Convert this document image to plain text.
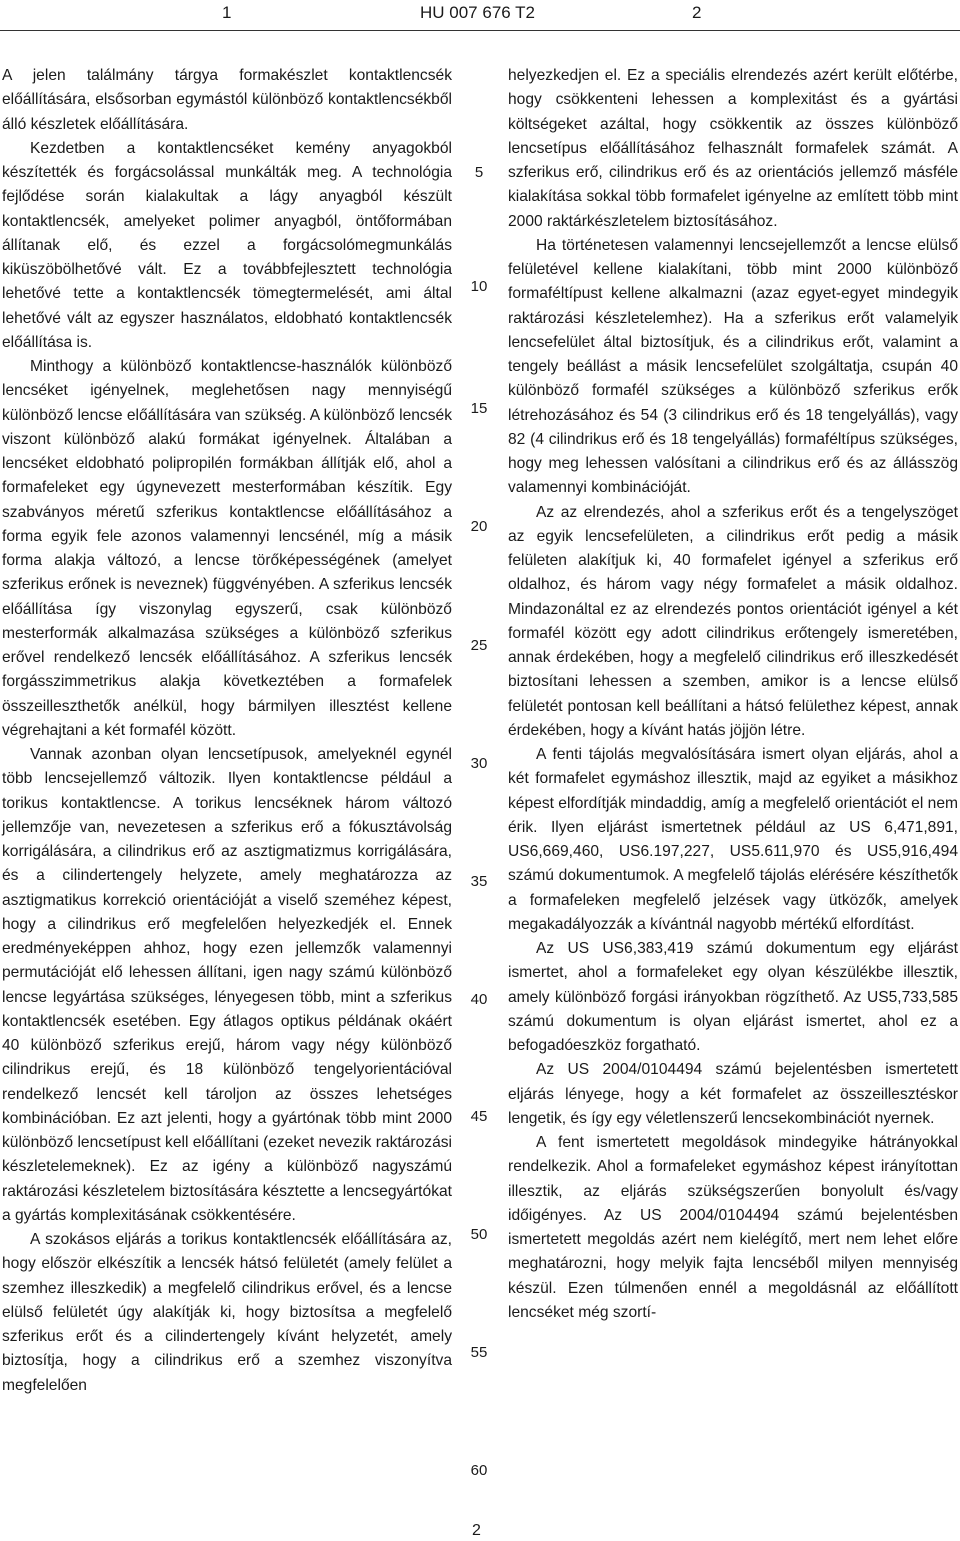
1	HU 007 676 T2	2

A jelen találmány tárgya formakészlet kontaktlencsék előállítására, elsősorban egymástól különböző kontaktlencsékből álló készletek előállítására.

Kezdetben a kontaktlencséket kemény anyagokból készítették és forgácsolással munkálták meg. A technológia fejlődése során kialakultak a lágy anyagból készült kontaktlencsék, amelyeket polimer anyagból, öntőformában állítanak elő, és ezzel a forgácsolómegmunkálás kiküszöbölhetővé vált. Ez a továbbfejlesztett technológia lehetővé tette a kontaktlencsék tömegtermelését, ami által lehetővé vált az egyszer használatos, eldobható kontaktlencsék előállítása is.

Minthogy a különböző kontaktlencse-használók különböző lencséket igényelnek, meglehetősen nagy mennyiségű különböző lencse előállítására van szükség. A különböző lencsék viszont különböző alakú formákat igényelnek. Általában a lencséket eldobható polipropilén formákban állítják elő, ahol a formafeleket egy úgynevezett mesterformában készítik. Egy szabványos méretű szferikus kontaktlencse előállításához a forma egyik fele azonos valamennyi lencsénél, míg a másik forma alakja változó, a lencse törőképességének (amelyet szferikus erőnek is neveznek) függvényében. A szferikus lencsék előállítása így viszonylag egyszerű, csak különböző mesterformák alkalmazása szükséges a különböző szferikus erővel rendelkező lencsék előállításához. A szferikus lencsék forgásszimmetrikus alakja következtében a formafelek összeilleszthetők anélkül, hogy bármilyen illesztést kellene végrehajtani a két formafél között.

Vannak azonban olyan lencsetípusok, amelyeknél egynél több lencsejellemző változik. Ilyen kontaktlencse például a torikus kontaktlencse. A torikus lencséknek három változó jellemzője van, nevezetesen a szferikus erő a fókusztávolság korrigálására, a cilindrikus erő az asztigmatizmus korrigálására, és a cilindertengely helyzete, amely meghatározza az asztigmatikus korrekció orientációját a viselő szeméhez képest, hogy a cilindrikus erő megfelelően helyezkedjék el. Ennek eredményeképpen ahhoz, hogy ezen jellemzők valamennyi permutációját elő lehessen állítani, igen nagy számú különböző lencse legyártása szükséges, lényegesen több, mint a szferikus kontaktlencsék esetében. Egy átlagos optikus példának okáért 40 különböző szferikus erejű, három vagy négy különböző cilindrikus erejű, és 18 különböző tengelyorientációval rendelkező lencsét kell tároljon az összes lehetséges kombinációban. Ez azt jelenti, hogy a gyártónak több mint 2000 különböző lencsetípust kell előállítani (ezeket nevezik raktározási készletelemeknek). Ez az igény a különböző nagyszámú raktározási készletelem biztosítására késztette a lencsegyártókat a gyártás komplexitásának csökkentésére.

A szokásos eljárás a torikus kontaktlencsék előállítására az, hogy először elkészítik a lencsék hátsó felületét (amely felület a szemhez illeszkedik) a megfelelő cilindrikus erővel, és a lencse elülső felületét úgy alakítják ki, hogy biztosítsa a megfelelő szferikus erőt és a cilindertengely kívánt helyzetét, amely biztosítja, hogy a cilindrikus erő a szemhez viszonyítva megfelelően

helyezkedjen el. Ez a speciális elrendezés azért került előtérbe, hogy csökkenteni lehessen a komplexitást és a gyártási költségeket azáltal, hogy csökkentik az összes különböző lencsetípus előállításához felhasznált formafelek számát. A szferikus erő, cilindrikus erő és az orientációs jellemző másféle kialakítása sokkal több formafelet igényelne az említett több mint 2000 raktárkészletelem biztosításához.

Ha történetesen valamennyi lencsejellemzőt a lencse elülső felületével kellene kialakítani, több mint 2000 különböző formaféltípust kellene alkalmazni (azaz egyet-egyet mindegyik raktározási készletelemhez). Ha a szferikus erőt valamelyik lencsefelület által biztosítjuk, és a cilindrikus erőt, valamint a tengely beállást a másik lencsefelület szolgáltatja, csupán 40 különböző formafél szükséges a különböző szferikus erők létrehozásához és 54 (3 cilindrikus erő és 18 tengelyállás), vagy 82 (4 cilindrikus erő és 18 tengelyállás) formaféltípus szükséges, hogy meg lehessen valósítani a cilindrikus erő és az állásszög valamennyi kombinációját.

Az az elrendezés, ahol a szferikus erőt és a tengelyszöget az egyik lencsefelületen, a cilindrikus erőt pedig a másik felületen alakítjuk ki, 40 formafelet igényel a szferikus erő oldalhoz, és három vagy négy formafelet a másik oldalhoz. Mindazonáltal ez az elrendezés pontos orientációt igényel a két formafél között egy adott cilindrikus erőtengely ismeretében, annak érdekében, hogy a megfelelő cilindrikus erő illeszkedését biztosítani lehessen a szemben, amikor is a lencse elülső felületét pontosan kell beállítani a hátsó felülethez képest, annak érdekében, hogy a kívánt hatás jöjjön létre.

A fenti tájolás megvalósítására ismert olyan eljárás, ahol a két formafelet egymáshoz illesztik, majd az egyiket a másikhoz képest elfordítják mindaddig, amíg a megfelelő orientációt el nem érik. Ilyen eljárást ismertetnek például az US 6,471,891, US6,669,460, US6.197,227, US5.611,970 és US5,916,494 számú dokumentumok. A megfelelő tájolás elérésére készíthetők a formafeleken megfelelő jelzések vagy ütközők, amelyek megakadályozzák a kívántnál nagyobb mértékű elfordítást.

Az US US6,383,419 számú dokumentum egy eljárást ismertet, ahol a formafeleket egy olyan készülékbe illesztik, amely különböző forgási irányokban rögzíthető. Az US5,733,585 számú dokumentum is olyan eljárást ismertet, ahol ez a befogadóeszköz forgatható.

Az US 2004/0104494 számú bejelentésben ismertetett eljárás lényege, hogy a két formafelet az összeillesztéskor lengetik, és így egy véletlenszerű lencsekombinációt nyernek.

A fent ismertetett megoldások mindegyike hátrányokkal rendelkezik. Ahol a formafeleket egymáshoz képest irányítottan illesztik, az eljárás szükségszerűen bonyolult és/vagy időigényes. Az US 2004/0104494 számú bejelentésben ismertetett megoldás azért nem kielégítő, mert nem lehet előre meghatározni, hogy melyik fajta lencséből milyen mennyiség készül. Ezen túlmenően ennél a megoldásnál az előállított lencséket még szortí-

5
10
15
20
25
30
35
40
45
50
55
60
2
